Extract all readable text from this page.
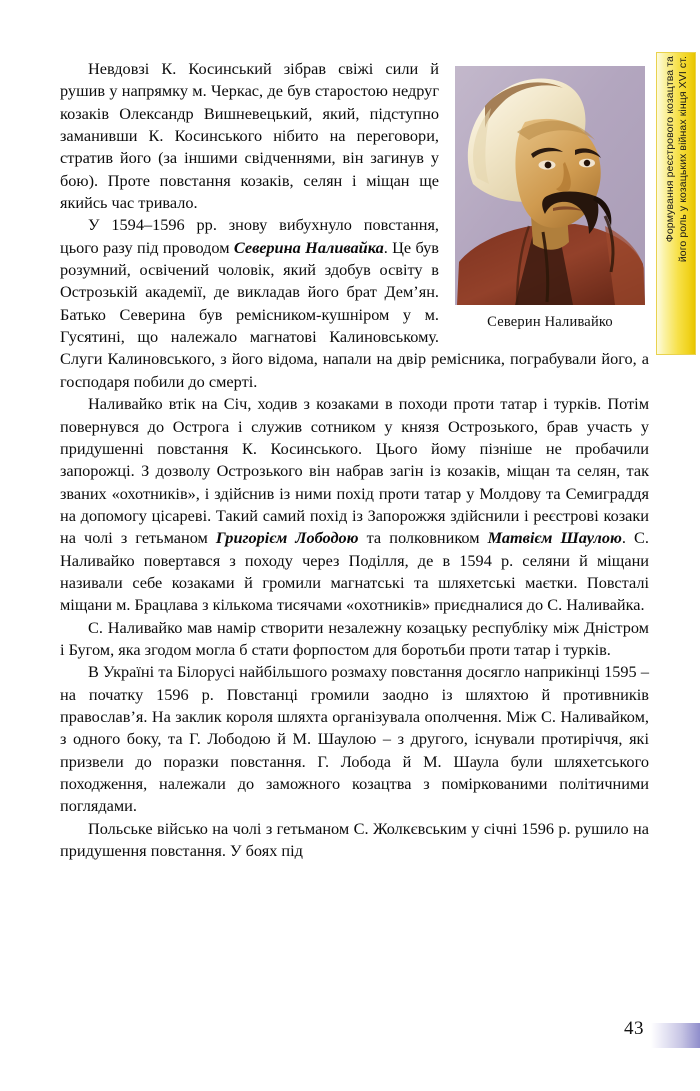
Формування реєстрового козацтва та його роль у козацьких війнах кінця XVI ст.
Северин Наливайко

Невдовзі К. Косинський зібрав свіжі сили й рушив у напрямку м. Черкас, де був старостою недруг козаків Олександр Вишневецький, який, підступно заманивши К. Косинського нібито на переговори, стратив його (за іншими свідченнями, він загинув у бою). Проте повстання козаків, селян і міщан ще якийсь час тривало.

У 1594–1596 рр. знову вибухнуло повстання, цього разу під проводом Северина Наливайка. Це був розумний, освічений чоловік, який здобув освіту в Острозькій академії, де викладав його брат Дем’ян. Батько Северина був ремісником-кушніром у м. Гусятині, що належало магнатові Калиновському. Слуги Калиновського, з його відома, напали на двір ремісника, пограбували його, а господаря побили до смерті.

Наливайко втік на Січ, ходив з козаками в походи проти татар і турків. Потім повернувся до Острога і служив сотником у князя Острозького, брав участь у придушенні повстання К. Косинського. Цього йому пізніше не пробачили запорожці. З дозволу Острозького він набрав загін із козаків, міщан та селян, так званих «охотників», і здійснив із ними похід проти татар у Молдову та Семиграддя на допомогу цісареві. Такий самий похід із Запорожжя здійснили і реєстрові козаки на чолі з гетьманом Григорієм Лободою та полковником Матвієм Шаулою. С. Наливайко повертався з походу через Поділля, де в 1594 р. селяни й міщани називали себе козаками й громили магнатські та шляхетські маєтки. Повсталі міщани м. Брацлава з кількома тисячами «охотників» приєдналися до С. Наливайка.

С. Наливайко мав намір створити незалежну козацьку республіку між Дністром і Бугом, яка згодом могла б стати форпостом для боротьби проти татар і турків.

В Україні та Білорусі найбільшого розмаху повстання досягло наприкінці 1595 – на початку 1596 р. Повстанці громили заодно із шляхтою й противників православ’я. На заклик короля шляхта організувала ополчення. Між С. Наливайком, з одного боку, та Г. Лободою й М. Шаулою – з другого, існували протиріччя, які призвели до поразки повстання. Г. Лобода й М. Шаула були шляхетського походження, належали до заможного козацтва з поміркованими політичними поглядами.

Польське військо на чолі з гетьманом С. Жолкєвським у січні 1596 р. рушило на придушення повстання. У боях під

43
